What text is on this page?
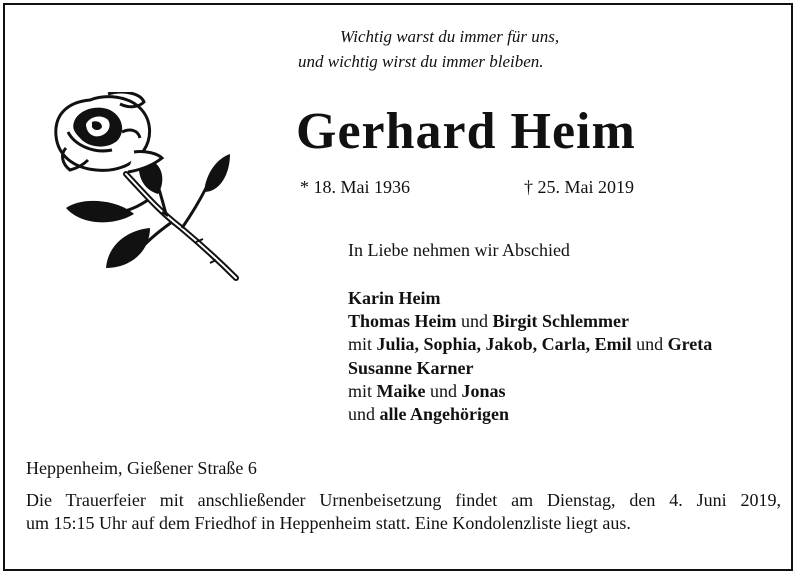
Wichtig warst du immer für uns,
und wichtig wirst du immer bleiben.
Gerhard Heim
* 18. Mai 1936	† 25. Mai 2019
In Liebe nehmen wir Abschied
Karin Heim
Thomas Heim und Birgit Schlemmer
mit Julia, Sophia, Jakob, Carla, Emil und Greta
Susanne Karner
mit Maike und Jonas
und alle Angehörigen
Heppenheim, Gießener Straße 6
Die Trauerfeier mit anschließender Urnenbeisetzung findet am Dienstag, den 4. Juni 2019,
um 15:15 Uhr auf dem Friedhof in Heppenheim statt. Eine Kondolenzliste liegt aus.
